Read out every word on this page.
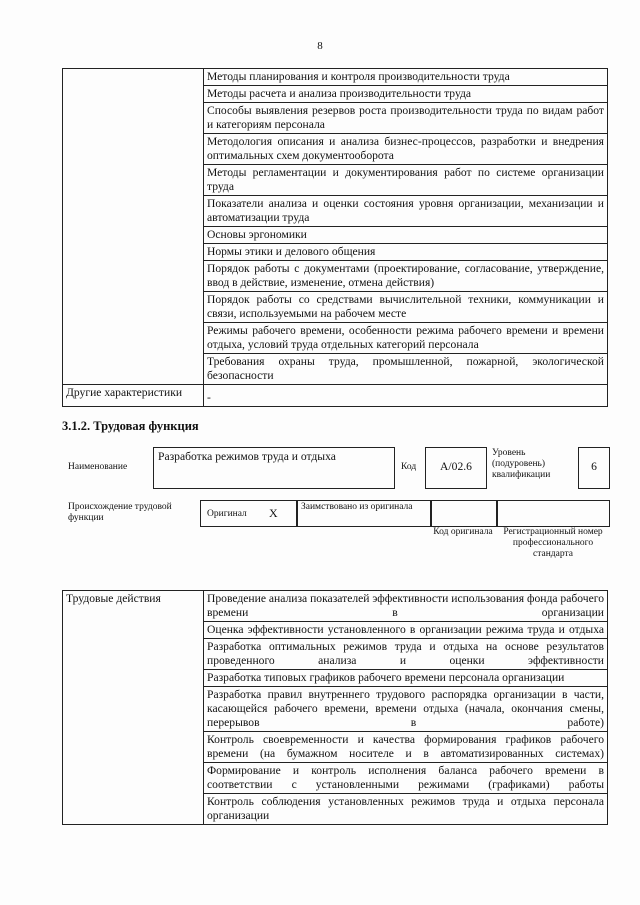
8
	Методы планирования и контроля производительности труда
	Методы расчета и анализа производительности труда
	Способы выявления резервов роста производительности труда по видам работ и категориям персонала
	Методология описания и анализа бизнес-процессов, разработки и внедрения оптимальных схем документооборота
	Методы регламентации и документирования работ по системе организации труда
	Показатели анализа и оценки состояния уровня организации, механизации и автоматизации труда
	Основы эргономики
	Нормы этики и делового общения
	Порядок работы с документами (проектирование, согласование, утверждение, ввод в действие, изменение, отмена действия)
	Порядок работы со средствами вычислительной техники, коммуникации и связи, используемыми на рабочем месте
	Режимы рабочего времени, особенности режима рабочего времени и времени отдыха, условий труда отдельных категорий персонала
	Требования охраны труда, промышленной, пожарной, экологической безопасности
Другие характеристики	-
3.1.2. Трудовая функция
Наименование
Разработка режимов труда и отдыха
Код	А/02.6
Уровень (подуровень) квалификации
6
Происхождение трудовой функции	Оригинал X	Заимствовано из оригинала
Код оригинала	Регистрационный номер профессионального стандарта
Трудовые действия	Проведение анализа показателей эффективности использования фонда рабочего времени в организации
Оценка эффективности установленного в организации режима труда и отдыха
Разработка оптимальных режимов труда и отдыха на основе результатов проведенного анализа и оценки эффективности
Разработка типовых графиков рабочего времени персонала организации
Разработка правил внутреннего трудового распорядка организации в части, касающейся рабочего времени, времени отдыха (начала, окончания смены, перерывов в работе)
Контроль своевременности и качества формирования графиков рабочего времени (на бумажном носителе и в автоматизированных системах)
Формирование и контроль исполнения баланса рабочего времени в соответствии с установленными режимами (графиками) работы
Контроль соблюдения установленных режимов труда и отдыха персонала организации
